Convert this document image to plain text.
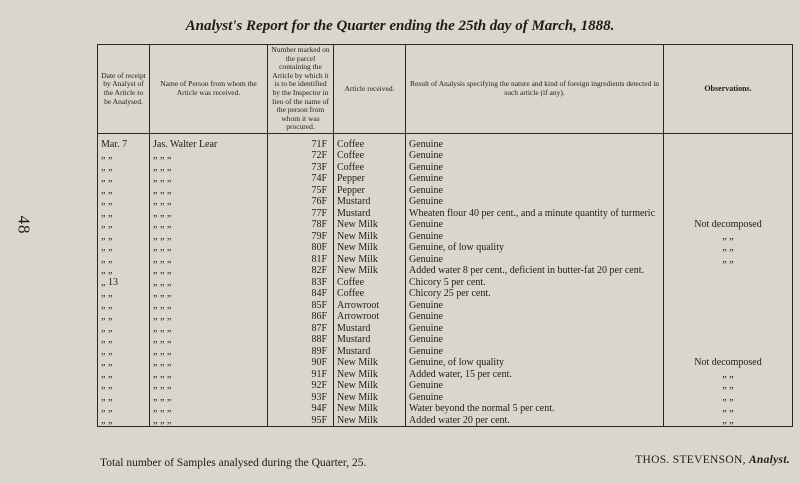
48
Analyst's Report for the Quarter ending the 25th day of March, 1888.
Date of receipt by Analyst of the Article to be Analysed.	Name of Person from whom the Article was received.	Number marked on the parcel containing the Article by which it is to be identified by the Inspector in lieu of the name of the person from whom it was procured.	Article received.	Result of Analysis specifying the nature and kind of foreign ingredients detected in such article (if any).	Observations.
Mar. 7	Jas. Walter Lear	71F	Coffee	Genuine	
„ „	„ „ „	72F	Coffee	Genuine	
„ „	„ „ „	73F	Coffee	Genuine	
„ „	„ „ „	74F	Pepper	Genuine	
„ „	„ „ „	75F	Pepper	Genuine	
„ „	„ „ „	76F	Mustard	Genuine	
„ „	„ „ „	77F	Mustard	Wheaten flour 40 per cent., and a minute quantity of turmeric	
„ „	„ „ „	78F	New Milk	Genuine	Not decomposed
„ „	„ „ „	79F	New Milk	Genuine	„ „
„ „	„ „ „	80F	New Milk	Genuine, of low quality	„ „
„ „	„ „ „	81F	New Milk	Genuine	„ „
„ „	„ „ „	82F	New Milk	Added water 8 per cent., deficient in butter-fat 20 per cent.	
„ 13	„ „ „	83F	Coffee	Chicory 5 per cent.	
„ „	„ „ „	84F	Coffee	Chicory 25 per cent.	
„ „	„ „ „	85F	Arrowroot	Genuine	
„ „	„ „ „	86F	Arrowroot	Genuine	
„ „	„ „ „	87F	Mustard	Genuine	
„ „	„ „ „	88F	Mustard	Genuine	
„ „	„ „ „	89F	Mustard	Genuine	
„ „	„ „ „	90F	New Milk	Genuine, of low quality	Not decomposed
„ „	„ „ „	91F	New Milk	Added water, 15 per cent.	„ „
„ „	„ „ „	92F	New Milk	Genuine	„ „
„ „	„ „ „	93F	New Milk	Genuine	„ „
„ „	„ „ „	94F	New Milk	Water beyond the normal 5 per cent.	„ „
„ „	„ „ „	95F	New Milk	Added water 20 per cent.	„ „
Total number of Samples analysed during the Quarter, 25.	THOS. STEVENSON, Analyst.
